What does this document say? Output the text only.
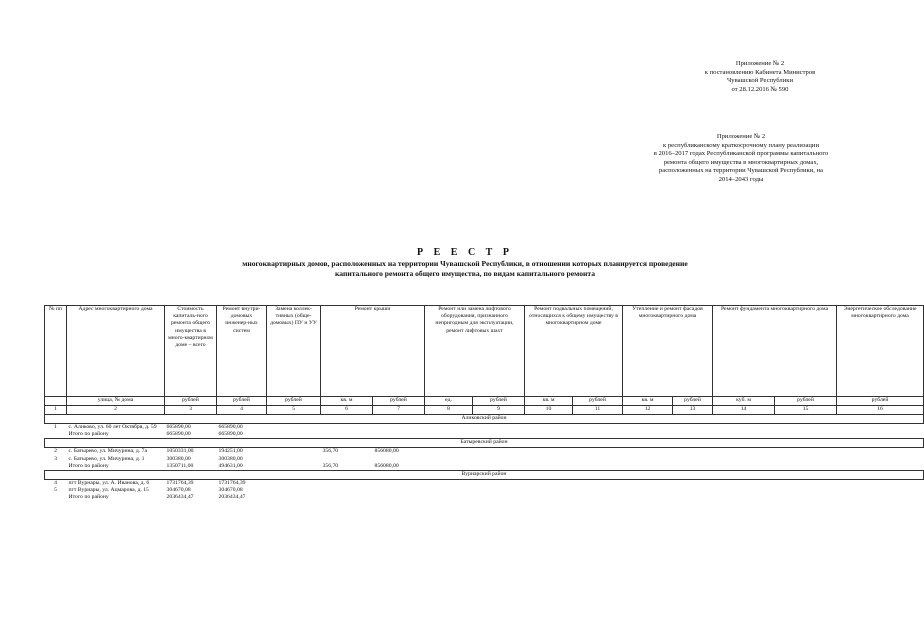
Приложение № 2
к постановлению Кабинета Министров
Чувашской Республики
от 28.12.2016 № 590
Приложение № 2
к республиканскому краткосрочному плану реализации
в 2016–2017 годах Республиканской программы капитального
ремонта общего имущества в многоквартирных домах,
расположенных на территории Чувашской Республики, на
2014–2043 годы
Р Е Е С Т Р
многоквартирных домов, расположенных на территории Чувашской Республики, в отношении которых планируется проведение
капитального ремонта общего имущества, по видам капитального ремонта
№ пп	Адрес многоквартирного дома	Стоимость капиталь-ного ремонта общего имущества в много-квартирном доме – всего	Ремонт внутри-домовых инженер-ных систем	Замена коллек-тивных (обще-домовых) ПУ и УУ	Ремонт крыши		Ремонт или замена лифтового оборудования, признанного непригодным для эксплуатации, ремонт лифтовых шахт		Ремонт подвальных помещений, относящихся к общему имуществу в многоквартирном доме		Утепление и ремонт фасадов многоквартирного дома		Ремонт фундамента многоквартирного дома		Энергетическое обследование многоквартирного дома
	улица, № дома	рублей	рублей	рублей	кв. м	рублей	ед.	рублей	кв. м	рублей	кв. м	рублей	куб. м	рублей	рублей
1	2	3	4	5	6	7	8	9	10	11	12	13	14	15	16
Аликовский район															
1	с. Аликово, ул. 60 лет Октября, д. 59	665890,00	665890,00												
	Итого по району	665890,00	665890,00												
Батыревский район															
2	с. Батырево, ул. Мичурина, д. 7а	1050331,00	194251,00		356,70	856080,00									
3	с. Батырево, ул. Мичурина, д. 1	300380,00	300380,00												
	Итого по району	1350711,00	494631,00		356,70	856080,00									
Вурнарский район															
4	пгт Вурнары, ул. А. Иванова, д. 6	1731764,39	1731764,39												
5	пгт Вурнары, ул. Ацмарова, д. 15	304670,08	304670,08												
	Итого по району	2036434,47	2036434,47												
